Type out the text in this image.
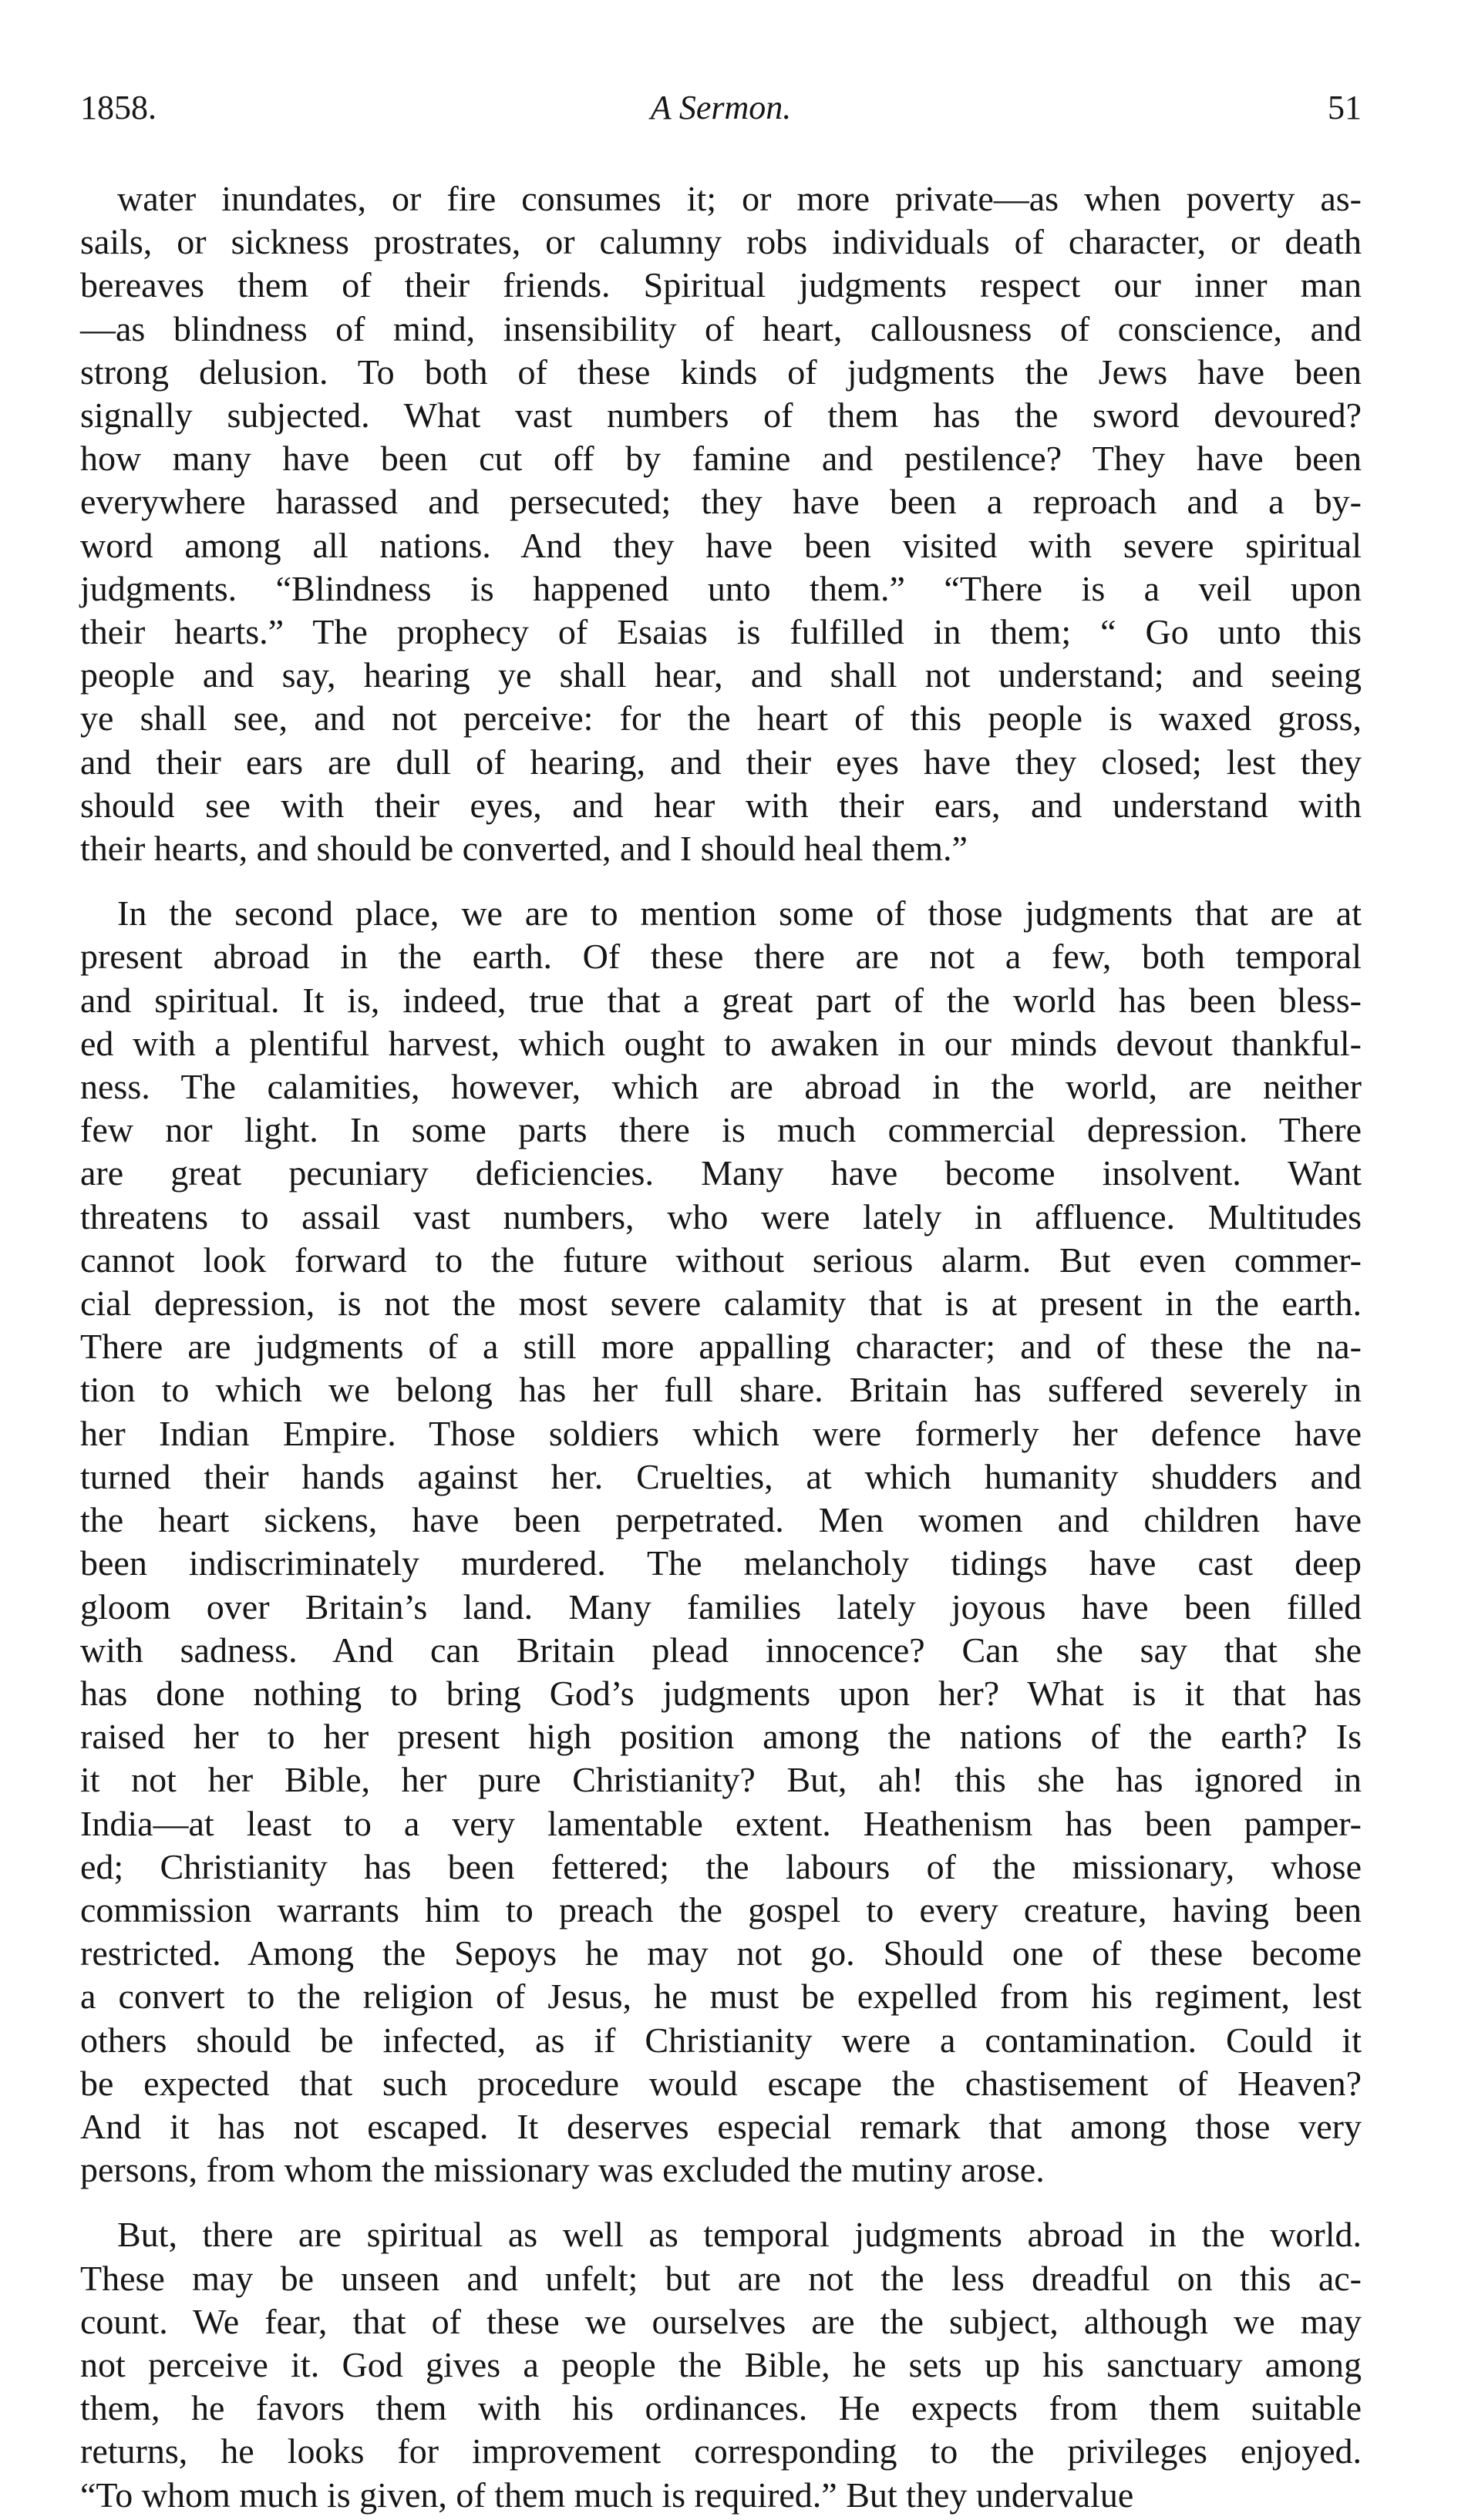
1858.	A Sermon.	51
water inundates, or fire consumes it; or more private—as when poverty as-
sails, or sickness prostrates, or calumny robs individuals of character, or death
bereaves them of their friends. Spiritual judgments respect our inner man
—as blindness of mind, insensibility of heart, callousness of conscience, and
strong delusion. To both of these kinds of judgments the Jews have been
signally subjected. What vast numbers of them has the sword devoured?
how many have been cut off by famine and pestilence? They have been
everywhere harassed and persecuted; they have been a reproach and a by-
word among all nations. And they have been visited with severe spiritual
judgments. “Blindness is happened unto them.” “There is a veil upon
their hearts.” The prophecy of Esaias is fulfilled in them; “ Go unto this
people and say, hearing ye shall hear, and shall not understand; and seeing
ye shall see, and not perceive: for the heart of this people is waxed gross,
and their ears are dull of hearing, and their eyes have they closed; lest they
should see with their eyes, and hear with their ears, and understand with
their hearts, and should be converted, and I should heal them.”
In the second place, we are to mention some of those judgments that are at
present abroad in the earth. Of these there are not a few, both temporal
and spiritual. It is, indeed, true that a great part of the world has been bless-
ed with a plentiful harvest, which ought to awaken in our minds devout thankful-
ness. The calamities, however, which are abroad in the world, are neither
few nor light. In some parts there is much commercial depression. There
are great pecuniary deficiencies. Many have become insolvent. Want
threatens to assail vast numbers, who were lately in affluence. Multitudes
cannot look forward to the future without serious alarm. But even commer-
cial depression, is not the most severe calamity that is at present in the earth.
There are judgments of a still more appalling character; and of these the na-
tion to which we belong has her full share. Britain has suffered severely in
her Indian Empire. Those soldiers which were formerly her defence have
turned their hands against her. Cruelties, at which humanity shudders and
the heart sickens, have been perpetrated. Men women and children have
been indiscriminately murdered. The melancholy tidings have cast deep
gloom over Britain’s land. Many families lately joyous have been filled
with sadness. And can Britain plead innocence? Can she say that she
has done nothing to bring God’s judgments upon her? What is it that has
raised her to her present high position among the nations of the earth? Is
it not her Bible, her pure Christianity? But, ah! this she has ignored in
India—at least to a very lamentable extent. Heathenism has been pamper-
ed; Christianity has been fettered; the labours of the missionary, whose
commission warrants him to preach the gospel to every creature, having been
restricted. Among the Sepoys he may not go. Should one of these become
a convert to the religion of Jesus, he must be expelled from his regiment, lest
others should be infected, as if Christianity were a contamination. Could it
be expected that such procedure would escape the chastisement of Heaven?
And it has not escaped. It deserves especial remark that among those very
persons, from whom the missionary was excluded the mutiny arose.
But, there are spiritual as well as temporal judgments abroad in the world.
These may be unseen and unfelt; but are not the less dreadful on this ac-
count. We fear, that of these we ourselves are the subject, although we may
not perceive it. God gives a people the Bible, he sets up his sanctuary among
them, he favors them with his ordinances. He expects from them suitable
returns, he looks for improvement corresponding to the privileges enjoyed.
“To whom much is given, of them much is required.” But they undervalue
